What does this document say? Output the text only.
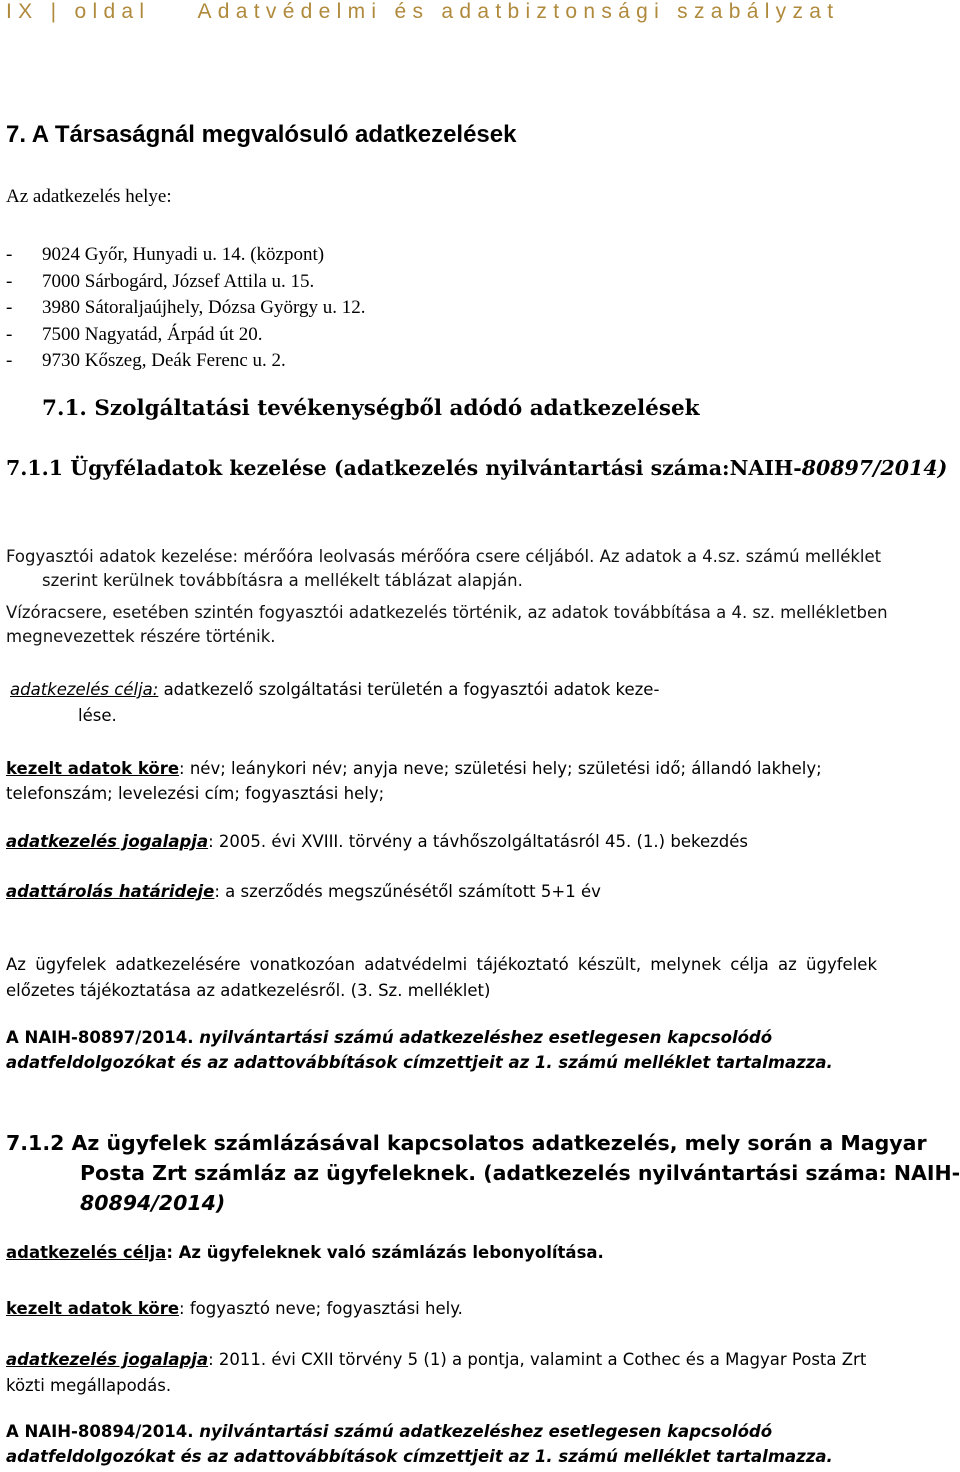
IX | oldal Adatvédelmi és adatbiztonsági szabályzat
7. A Társaságnál megvalósuló adatkezelések
Az adatkezelés helye:
- 9024 Győr, Hunyadi u. 14. (központ)
- 7000 Sárbogárd, József Attila u. 15.
- 3980 Sátoraljaújhely, Dózsa György u. 12.
- 7500 Nagyatád, Árpád út 20.
- 9730 Kőszeg, Deák Ferenc u. 2.
7.1. Szolgáltatási tevékenységből adódó adatkezelések
7.1.1 Ügyféladatok kezelése (adatkezelés nyilvántartási száma:NAIH-80897/2014)
Fogyasztói adatok kezelése: mérőóra leolvasás mérőóra csere céljából. Az adatok a 4.sz. számú melléklet
szerint kerülnek továbbításra a mellékelt táblázat alapján.
Vízóracsere, esetében szintén fogyasztói adatkezelés történik, az adatok továbbítása a 4. sz. mellékletben
megnevezettek részére történik.
adatkezelés célja: adatkezelő szolgáltatási területén a fogyasztói adatok keze-
lése.
kezelt adatok köre: név; leánykori név; anyja neve; születési hely; születési idő; állandó lakhely;
telefonszám; levelezési cím; fogyasztási hely;
adatkezelés jogalapja: 2005. évi XVIII. törvény a távhőszolgáltatásról 45. (1.) bekezdés
adattárolás határideje: a szerződés megszűnésétől számított 5+1 év
Az ügyfelek adatkezelésére vonatkozóan adatvédelmi tájékoztató készült, melynek célja az ügyfelek
előzetes tájékoztatása az adatkezelésről. (3. Sz. melléklet)
A NAIH-80897/2014. nyilvántartási számú adatkezeléshez esetlegesen kapcsolódó
adatfeldolgozókat és az adattovábbítások címzettjeit az 1. számú melléklet tartalmazza.
7.1.2 Az ügyfelek számlázásával kapcsolatos adatkezelés, mely során a Magyar
Posta Zrt számláz az ügyfeleknek. (adatkezelés nyilvántartási száma: NAIH-
80894/2014)
adatkezelés célja: Az ügyfeleknek való számlázás lebonyolítása.
kezelt adatok köre: fogyasztó neve; fogyasztási hely.
adatkezelés jogalapja: 2011. évi CXII törvény 5 (1) a pontja, valamint a Cothec és a Magyar Posta Zrt
közti megállapodás.
A NAIH-80894/2014. nyilvántartási számú adatkezeléshez esetlegesen kapcsolódó
adatfeldolgozókat és az adattovábbítások címzettjeit az 1. számú melléklet tartalmazza.
